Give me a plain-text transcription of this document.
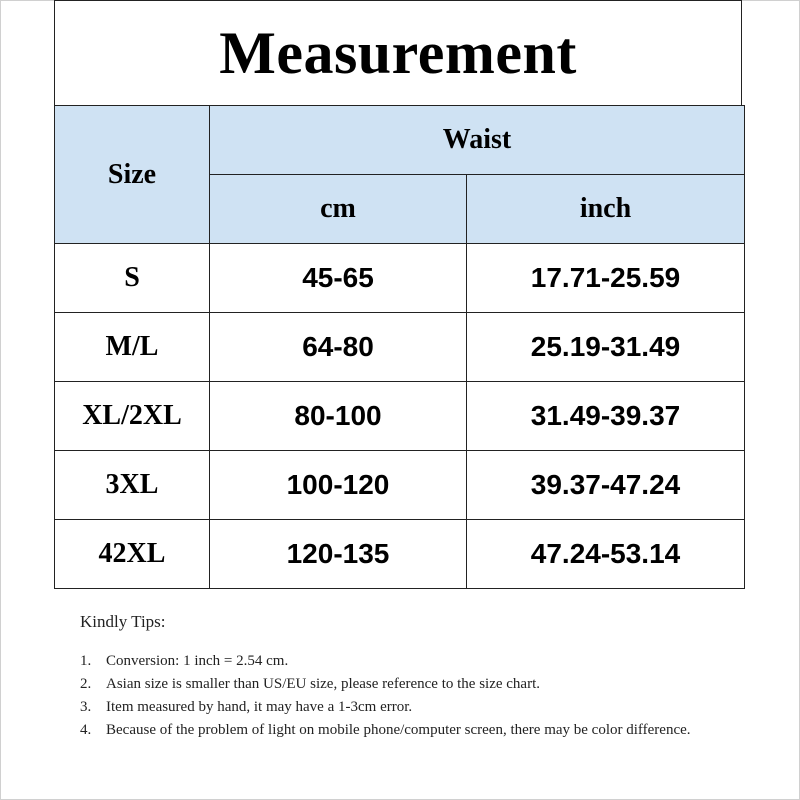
Measurement
Size	Waist	
	cm	inch
S	45-65	17.71-25.59
M/L	64-80	25.19-31.49
XL/2XL	80-100	31.49-39.37
3XL	100-120	39.37-47.24
42XL	120-135	47.24-53.14
Kindly Tips:
1. Conversion: 1 inch = 2.54 cm.
2. Asian size is smaller than US/EU size, please reference to the size chart.
3. Item measured by hand, it may have a 1-3cm error.
4. Because of the problem of light on mobile phone/computer screen, there may be color difference.
